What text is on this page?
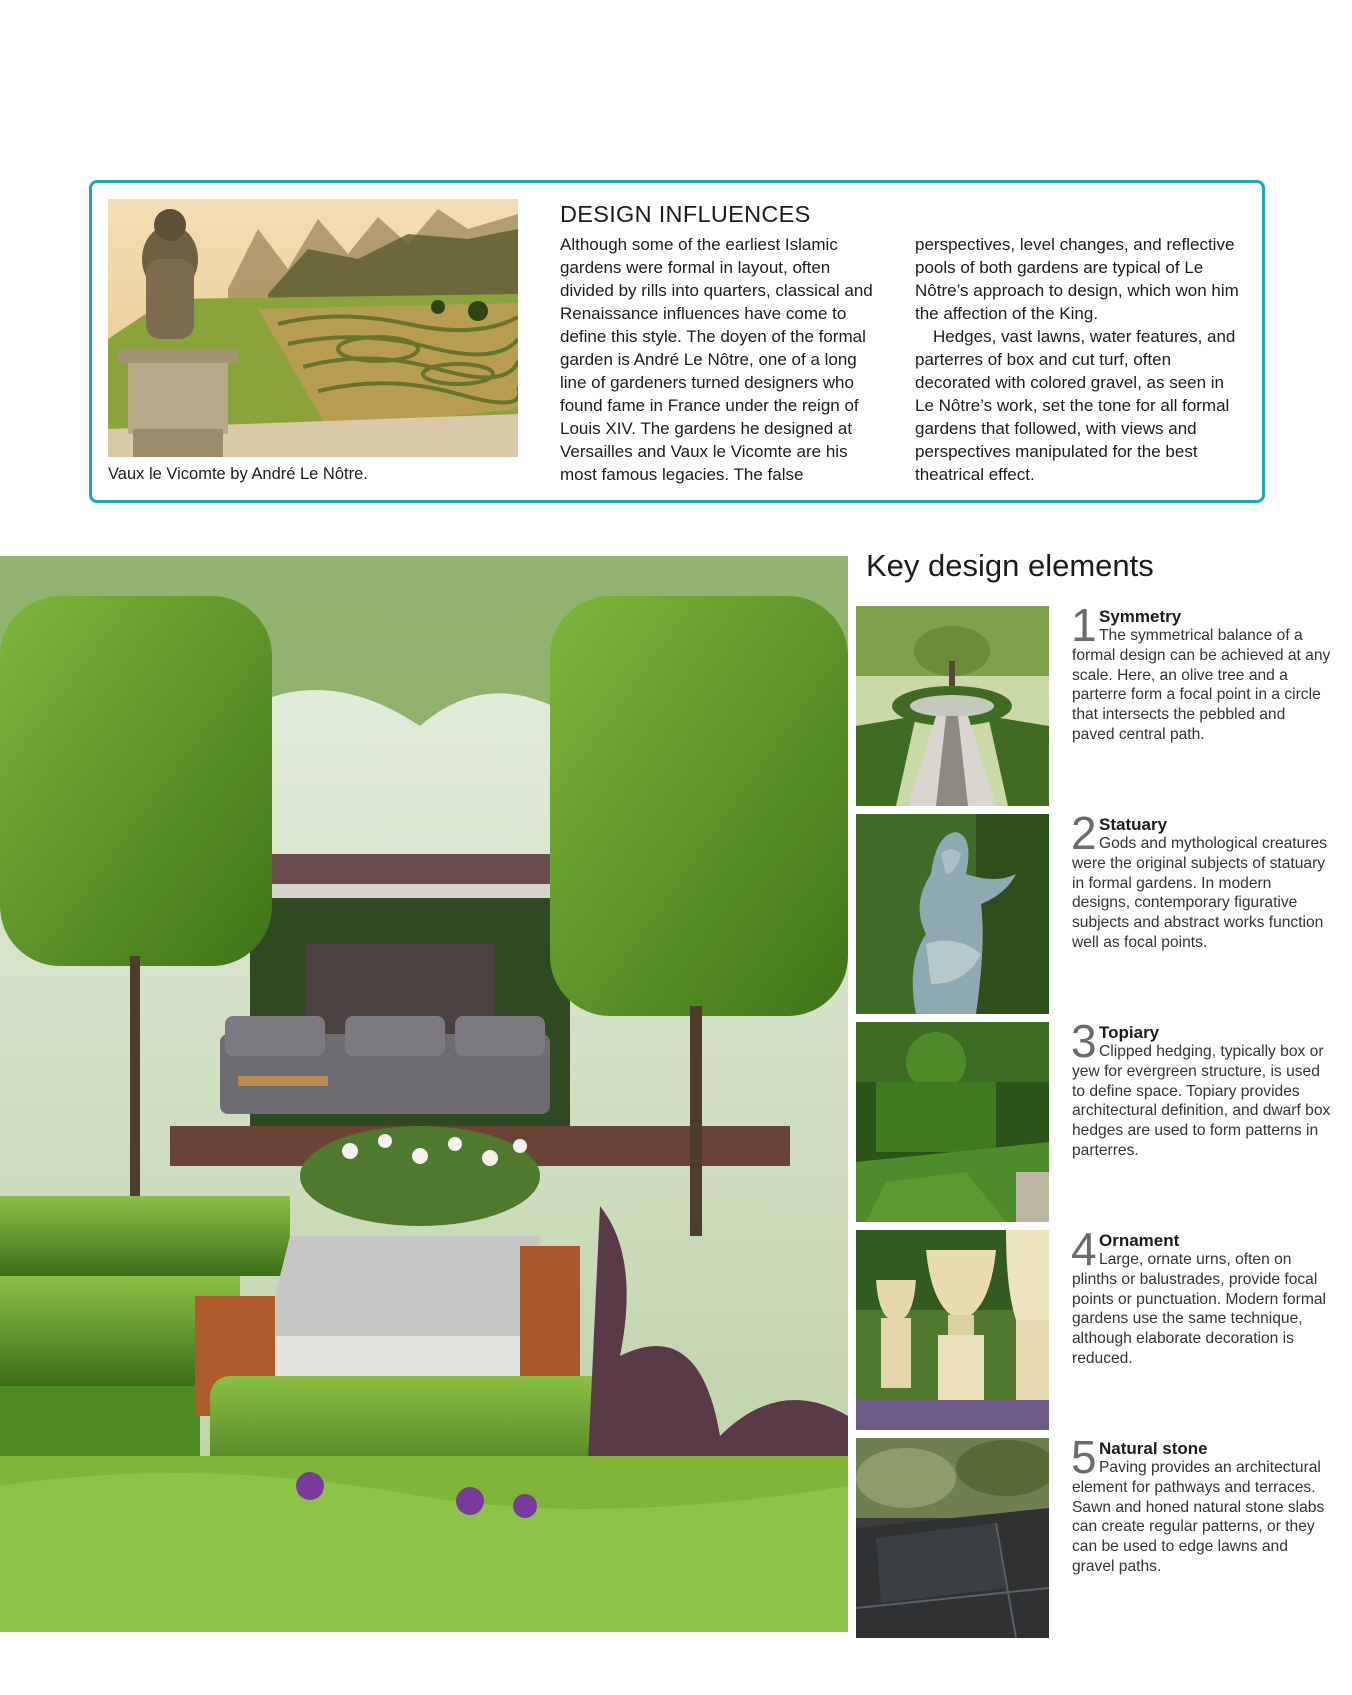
Vaux le Vicomte by André Le Nôtre.
DESIGN INFLUENCES

Although some of the earliest Islamic gardens were formal in layout, often divided by rills into quarters, classical and Renaissance influences have come to define this style. The doyen of the formal garden is André Le Nôtre, one of a long line of gardeners turned designers who found fame in France under the reign of Louis XIV. The gardens he designed at Versailles and Vaux le Vicomte are his most famous legacies. The false

perspectives, level changes, and reflective pools of both gardens are typical of Le Nôtre’s approach to design, which won him the affection of the King.

Hedges, vast lawns, water features, and parterres of box and cut turf, often decorated with colored gravel, as seen in Le Nôtre’s work, set the tone for all formal gardens that followed, with views and perspectives manipulated for the best theatrical effect.

Key design elements
1 Symmetry

The symmetrical balance of a formal design can be achieved at any scale. Here, an olive tree and a parterre form a focal point in a circle that intersects the pebbled and paved central path.

2 Statuary

Gods and mythological creatures were the original subjects of statuary in formal gardens. In modern designs, contemporary figurative subjects and abstract works function well as focal points.

3 Topiary

Clipped hedging, typically box or yew for evergreen structure, is used to define space. Topiary provides architectural definition, and dwarf box hedges are used to form patterns in parterres.

4 Ornament

Large, ornate urns, often on plinths or balustrades, provide focal points or punctuation. Modern formal gardens use the same technique, although elaborate decoration is reduced.

5 Natural stone

Paving provides an architectural element for pathways and terraces. Sawn and honed natural stone slabs can create regular patterns, or they can be used to edge lawns and gravel paths.
